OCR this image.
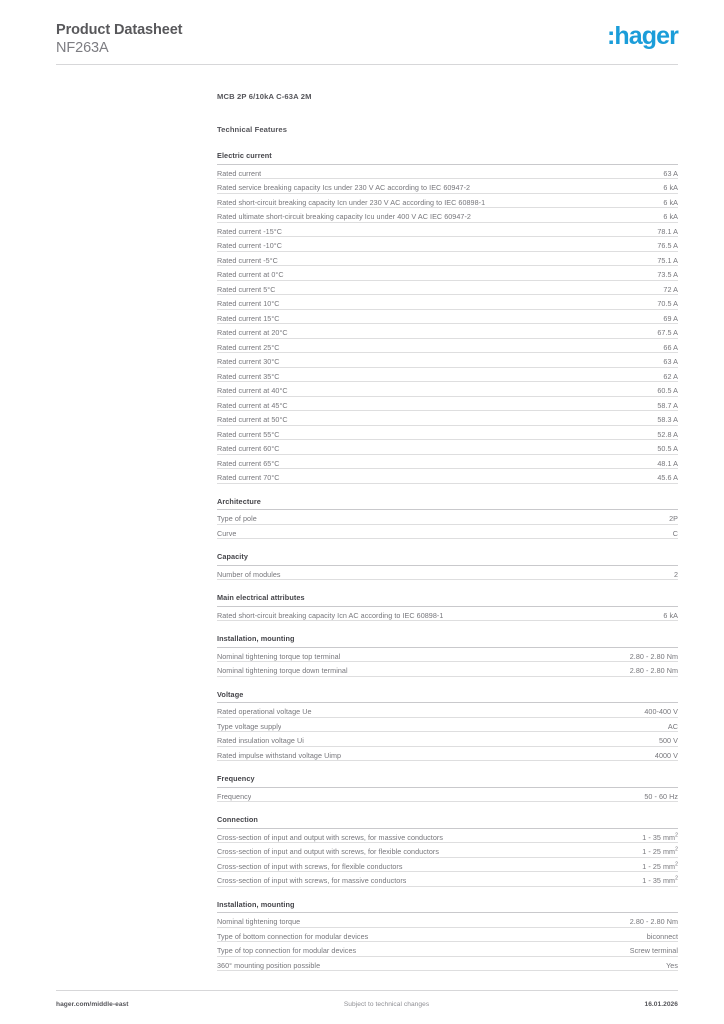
Product Datasheet
NF263A	:hager
MCB 2P 6/10kA C-63A 2M
Technical Features
Electric current
Rated current	63 A
Rated service breaking capacity Ics under 230 V AC according to IEC 60947-2	6 kA
Rated short-circuit breaking capacity Icn under 230 V AC according to IEC 60898-1	6 kA
Rated ultimate short-circuit breaking capacity Icu under 400 V AC IEC 60947-2	6 kA
Rated current -15°C	78.1 A
Rated current -10°C	76.5 A
Rated current -5°C	75.1 A
Rated current at 0°C	73.5 A
Rated current 5°C	72 A
Rated current 10°C	70.5 A
Rated current 15°C	69 A
Rated current at 20°C	67.5 A
Rated current 25°C	66 A
Rated current 30°C	63 A
Rated current 35°C	62 A
Rated current at 40°C	60.5 A
Rated current at 45°C	58.7 A
Rated current at 50°C	58.3 A
Rated current 55°C	52.8 A
Rated current 60°C	50.5 A
Rated current 65°C	48.1 A
Rated current 70°C	45.6 A
Architecture
Type of pole	2P
Curve	C
Capacity
Number of modules	2
Main electrical attributes
Rated short-circuit breaking capacity Icn AC according to IEC 60898-1	6 kA
Installation, mounting
Nominal tightening torque top terminal	2.80 - 2.80 Nm
Nominal tightening torque down terminal	2.80 - 2.80 Nm
Voltage
Rated operational voltage Ue	400-400 V
Type voltage supply	AC
Rated insulation voltage Ui	500 V
Rated impulse withstand voltage Uimp	4000 V
Frequency
Frequency	50 - 60 Hz
Connection
Cross-section of input and output with screws, for massive conductors	1 - 35 $mm^2$
Cross-section of input and output with screws, for flexible conductors	1 - 25 $mm^2$
Cross-section of input with screws, for flexible conductors	1 - 25 $mm^2$
Cross-section of input with screws, for massive conductors	1 - 35 $mm^2$
Installation, mounting
Nominal tightening torque	2.80 - 2.80 Nm
Type of bottom connection for modular devices	biconnect
Type of top connection for modular devices	Screw terminal
360° mounting position possible	Yes
hager.com/middle-east	Subject to technical changes	16.01.2026
